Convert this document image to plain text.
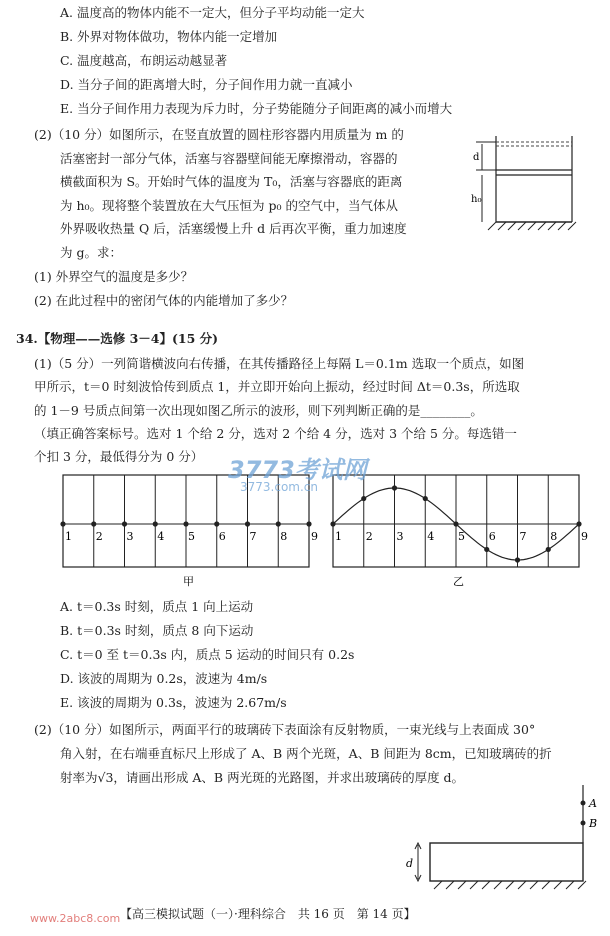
A. 温度高的物体内能不一定大，但分子平均动能一定大
B. 外界对物体做功，物体内能一定增加
C. 温度越高，布朗运动越显著
D. 当分子间的距离增大时，分子间作用力就一直减小
E. 当分子间作用力表现为斥力时，分子势能随分子间距离的减小而增大
(2)（10 分）如图所示，在竖直放置的圆柱形容器内用质量为 m 的
活塞密封一部分气体，活塞与容器壁间能无摩擦滑动，容器的
横截面积为 S。开始时气体的温度为 T₀，活塞与容器底的距离
为 h₀。现将整个装置放在大气压恒为 p₀ 的空气中，当气体从
外界吸收热量 Q 后，活塞缓慢上升 d 后再次平衡，重力加速度
为 g。求：
(1) 外界空气的温度是多少？
(2) 在此过程中的密闭气体的内能增加了多少？
d
h₀
34.【物理——选修 3－4】(15 分)
(1)（5 分）一列简谐横波向右传播，在其传播路径上每隔 L＝0.1m 选取一个质点，如图
甲所示，t＝0 时刻波恰传到质点 1，并立即开始向上振动，经过时间 Δt＝0.3s，所选取
的 1－9 号质点间第一次出现如图乙所示的波形，则下列判断正确的是________。
（填正确答案标号。选对 1 个给 2 分，选对 2 个给 4 分，选对 3 个给 5 分。每选错一
个扣 3 分，最低得分为 0 分）
1 2 3 4 5 6 7 8 9
甲
1 2 3 4 5 6 7 8 9
乙
A. t＝0.3s 时刻，质点 1 向上运动
B. t＝0.3s 时刻，质点 8 向下运动
C. t＝0 至 t＝0.3s 内，质点 5 运动的时间只有 0.2s
D. 该波的周期为 0.2s，波速为 4m/s
E. 该波的周期为 0.3s，波速为 2.67m/s
(2)（10 分）如图所示，两面平行的玻璃砖下表面涂有反射物质，一束光线与上表面成 30°
角入射，在右端垂直标尺上形成了 A、B 两个光斑，A、B 间距为 8cm，已知玻璃砖的折
射率为√3，请画出形成 A、B 两光斑的光路图，并求出玻璃砖的厚度 d。
A
B
d
【高三模拟试题（一）·理科综合　共 16 页　第 14 页】
3773考试网
3773.com.cn
www.2abc8.com
